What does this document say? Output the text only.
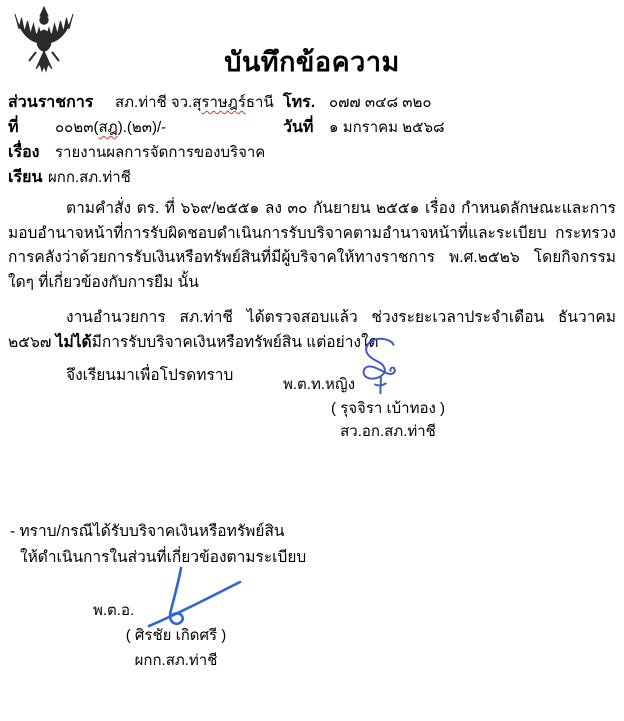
บันทึกข้อความ
ส่วนราชการ สภ.ท่าชี จว.สุราษฎร์ธานี โทร. ๐๗๗ ๓๔๘ ๓๒๐
ที่ ๐๐๒๓(สฎ).(๒๓)/-	วันที่ ๑ มกราคม ๒๕๖๘
เรื่อง รายงานผลการจัดการของบริจาค
เรียน ผกก.สภ.ท่าชี

ตามคำสั่ง ตร. ที่ ๖๖๙/๒๕๕๑ ลง ๓๐ กันยายน ๒๕๕๑ เรื่อง กำหนดลักษณะและการมอบอำนาจหน้าที่การรับผิดชอบดำเนินการรับบริจาคตามอำนาจหน้าที่และระเบียบ กระทรวงการคลังว่าด้วยการรับเงินหรือทรัพย์สินที่มีผู้บริจาคให้ทางราชการ พ.ศ.๒๕๒๖ โดยกิจกรรมใดๆ ที่เกี่ยวข้องกับการยืม นั้น

งานอำนวยการ สภ.ท่าชี ได้ตรวจสอบแล้ว ช่วงระยะเวลาประจำเดือน ธันวาคม ๒๕๖๗ ไม่ได้มีการรับบริจาคเงินหรือทรัพย์สิน แต่อย่างใด

จึงเรียนมาเพื่อโปรดทราบ

พ.ต.ท.หญิง
( รุจจิรา เบ้าทอง )
สว.อก.สภ.ท่าชี
- ทราบ/กรณีได้รับบริจาคเงินหรือทรัพย์สิน
ให้ดำเนินการในส่วนที่เกี่ยวข้องตามระเบียบ
พ.ต.อ.
( ศิรชัย เกิดศรี )
ผกก.สภ.ท่าชี
